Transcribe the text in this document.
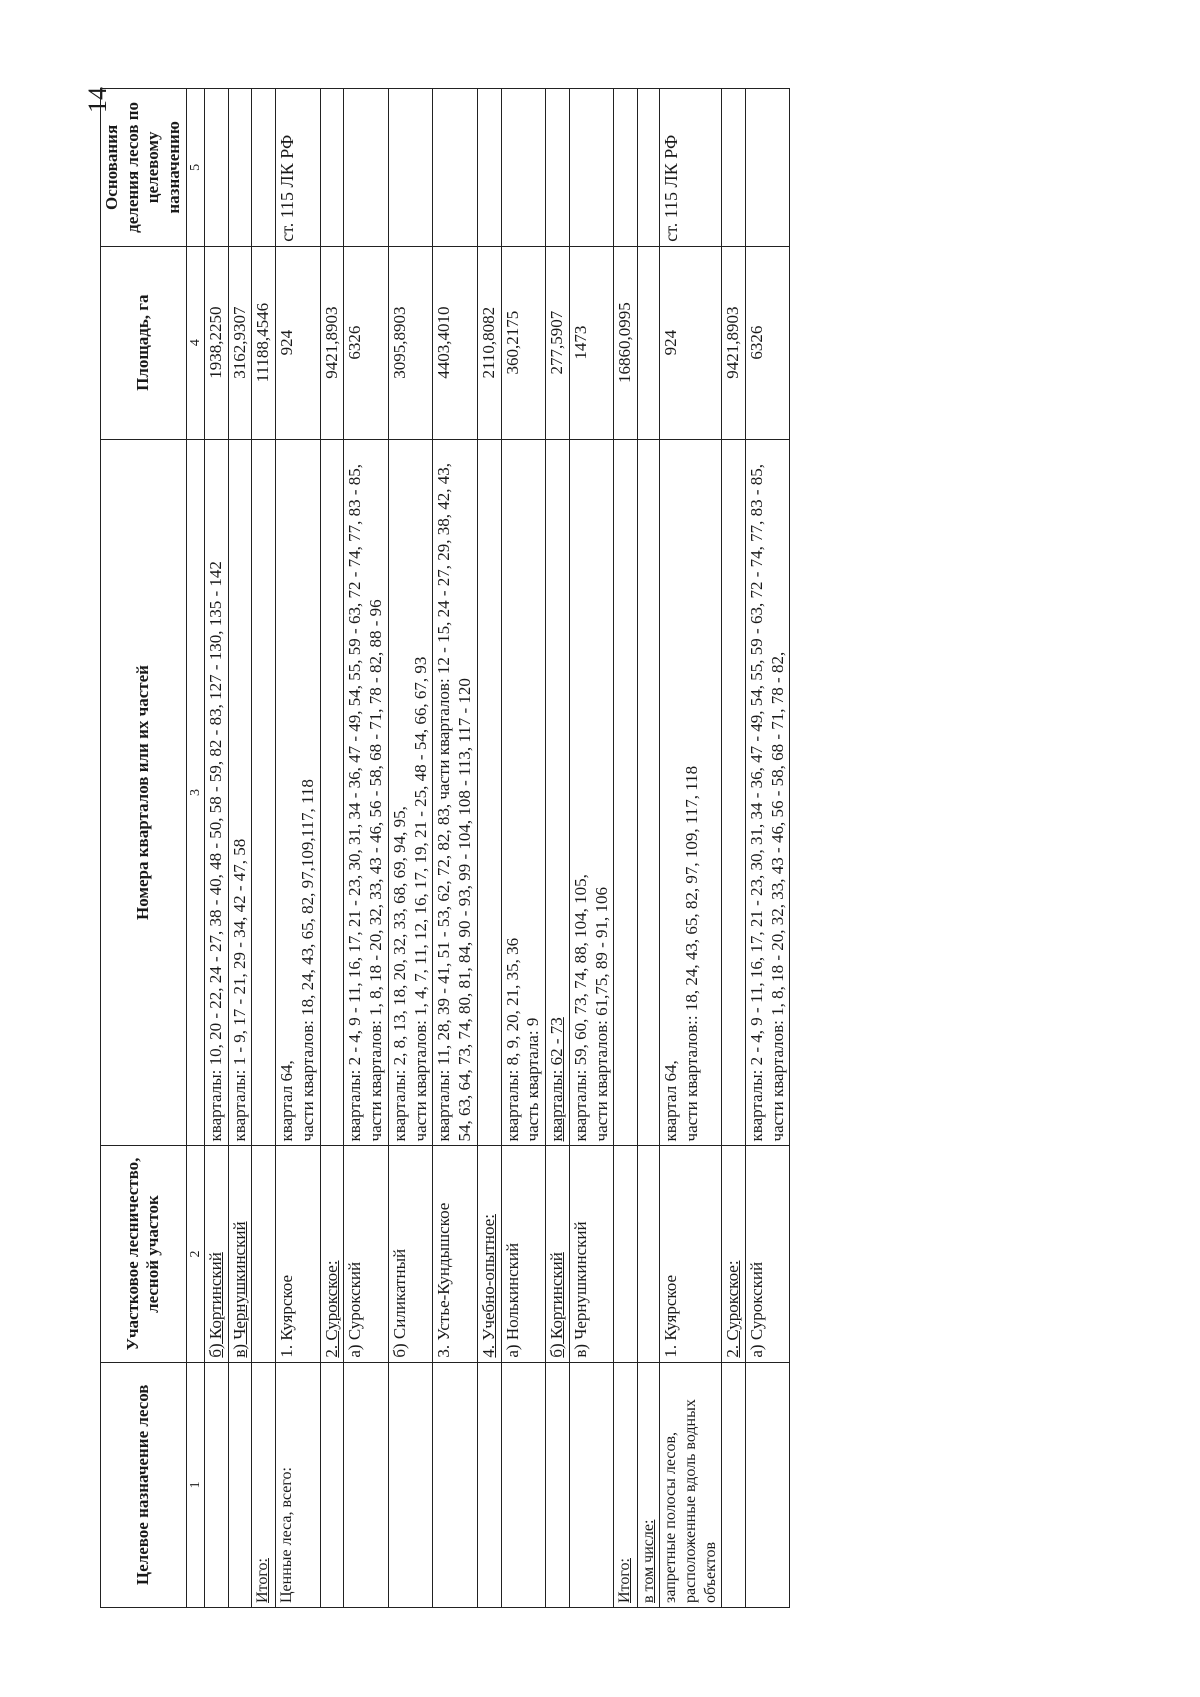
14
Целевое назначение лесов	Участковое лесничество, лесной участок	Номера кварталов или их частей	Площадь, га	Основания деления лесов по целевому назначению
1	2	3	4	5
	б) Кортинский	кварталы: 10, 20 - 22, 24 - 27, 38 - 40, 48 - 50, 58 - 59, 82 - 83, 127 - 130, 135 - 142	1938,2250	
	в) Чернушкинский	кварталы: 1 - 9, 17 - 21, 29 - 34, 42 - 47, 58	3162,9307	
Итого:			11188,4546	
Ценные леса, всего:	1. Куярское	квартал 64, части кварталов: 18, 24, 43, 65, 82, 97,109,117, 118	924	ст. 115 ЛК РФ
	2. Сурокское:		9421,8903	
	а) Сурокский	кварталы: 2 - 4, 9 - 11, 16, 17, 21 - 23, 30, 31, 34 - 36, 47 - 49, 54, 55, 59 - 63, 72 - 74, 77, 83 - 85, части кварталов: 1, 8, 18 - 20, 32, 33, 43 - 46, 56 - 58, 68 - 71, 78 - 82, 88 - 96	6326	
	б) Силикатный	кварталы: 2, 8, 13, 18, 20, 32, 33, 68, 69, 94, 95, части кварталов: 1, 4, 7, 11, 12, 16, 17, 19, 21 - 25, 48 - 54, 66, 67, 93	3095,8903	
	3. Устье-Кундышское	кварталы: 11, 28, 39 - 41, 51 - 53, 62, 72, 82, 83, части кварталов: 12 - 15, 24 - 27, 29, 38, 42, 43, 54, 63, 64, 73, 74, 80, 81, 84, 90 - 93, 99 - 104, 108 - 113, 117 - 120	4403,4010	
	4. Учебно-опытное:		2110,8082	
	а) Нолькинский	кварталы: 8, 9, 20, 21, 35, 36 часть квартала: 9	360,2175	
	б) Кортинский	кварталы: 62 - 73	277,5907	
	в) Чернушкинский	кварталы: 59, 60, 73, 74, 88, 104, 105, части кварталов: 61,75, 89 - 91, 106	1473	
Итого:			16860,0995	
в том числе:				
запретные полосы лесов, расположенные вдоль водных объектов	1. Куярское	квартал 64, части кварталов:: 18, 24, 43, 65, 82, 97, 109, 117, 118	924	ст. 115 ЛК РФ
	2. Сурокское:		9421,8903	
	а) Сурокский	кварталы: 2 - 4, 9 - 11, 16, 17, 21 - 23, 30, 31, 34 - 36, 47 - 49, 54, 55, 59 - 63, 72 - 74, 77, 83 - 85, части кварталов: 1, 8, 18 - 20, 32, 33, 43 - 46, 56 - 58, 68 - 71, 78 - 82,	6326	
